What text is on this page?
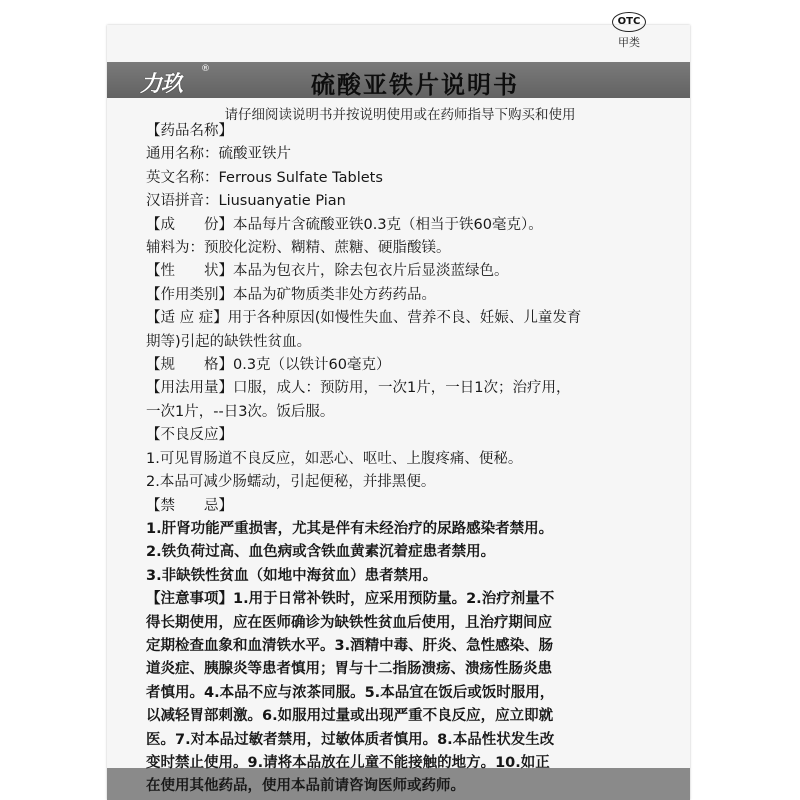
OTC
甲类
力玖
®
硫酸亚铁片说明书
请仔细阅读说明书并按说明使用或在药师指导下购买和使用
【药品名称】
通用名称：硫酸亚铁片
英文名称：Ferrous Sulfate Tablets
汉语拼音：Liusuanyatie Pian
【成　　份】本品每片含硫酸亚铁0.3克（相当于铁60毫克）。
辅料为：预胶化淀粉、糊精、蔗糖、硬脂酸镁。
【性　　状】本品为包衣片，除去包衣片后显淡蓝绿色。
【作用类别】本品为矿物质类非处方药药品。
【适 应 症】用于各种原因(如慢性失血、营养不良、妊娠、儿童发育
期等)引起的缺铁性贫血。
【规　　格】0.3克（以铁计60毫克）
【用法用量】口服，成人：预防用，一次1片，一日1次；治疗用，
一次1片，--日3次。饭后服。
【不良反应】
1.可见胃肠道不良反应，如恶心、呕吐、上腹疼痛、便秘。
2.本品可减少肠蠕动，引起便秘，并排黑便。
【禁　　忌】
1.肝肾功能严重损害，尤其是伴有未经治疗的尿路感染者禁用。
2.铁负荷过高、血色病或含铁血黄素沉着症患者禁用。
3.非缺铁性贫血（如地中海贫血）患者禁用。
【注意事项】1.用于日常补铁时，应采用预防量。2.治疗剂量不
得长期使用，应在医师确诊为缺铁性贫血后使用，且治疗期间应
定期检查血象和血清铁水平。3.酒精中毒、肝炎、急性感染、肠
道炎症、胰腺炎等患者慎用；胃与十二指肠溃疡、溃疡性肠炎患
者慎用。4.本品不应与浓茶同服。5.本品宜在饭后或饭时服用，
以减轻胃部刺激。6.如服用过量或出现严重不良反应，应立即就
医。7.对本品过敏者禁用，过敏体质者慎用。8.本品性状发生改
变时禁止使用。9.请将本品放在儿童不能接触的地方。10.如正
在使用其他药品，使用本品前请咨询医师或药师。
